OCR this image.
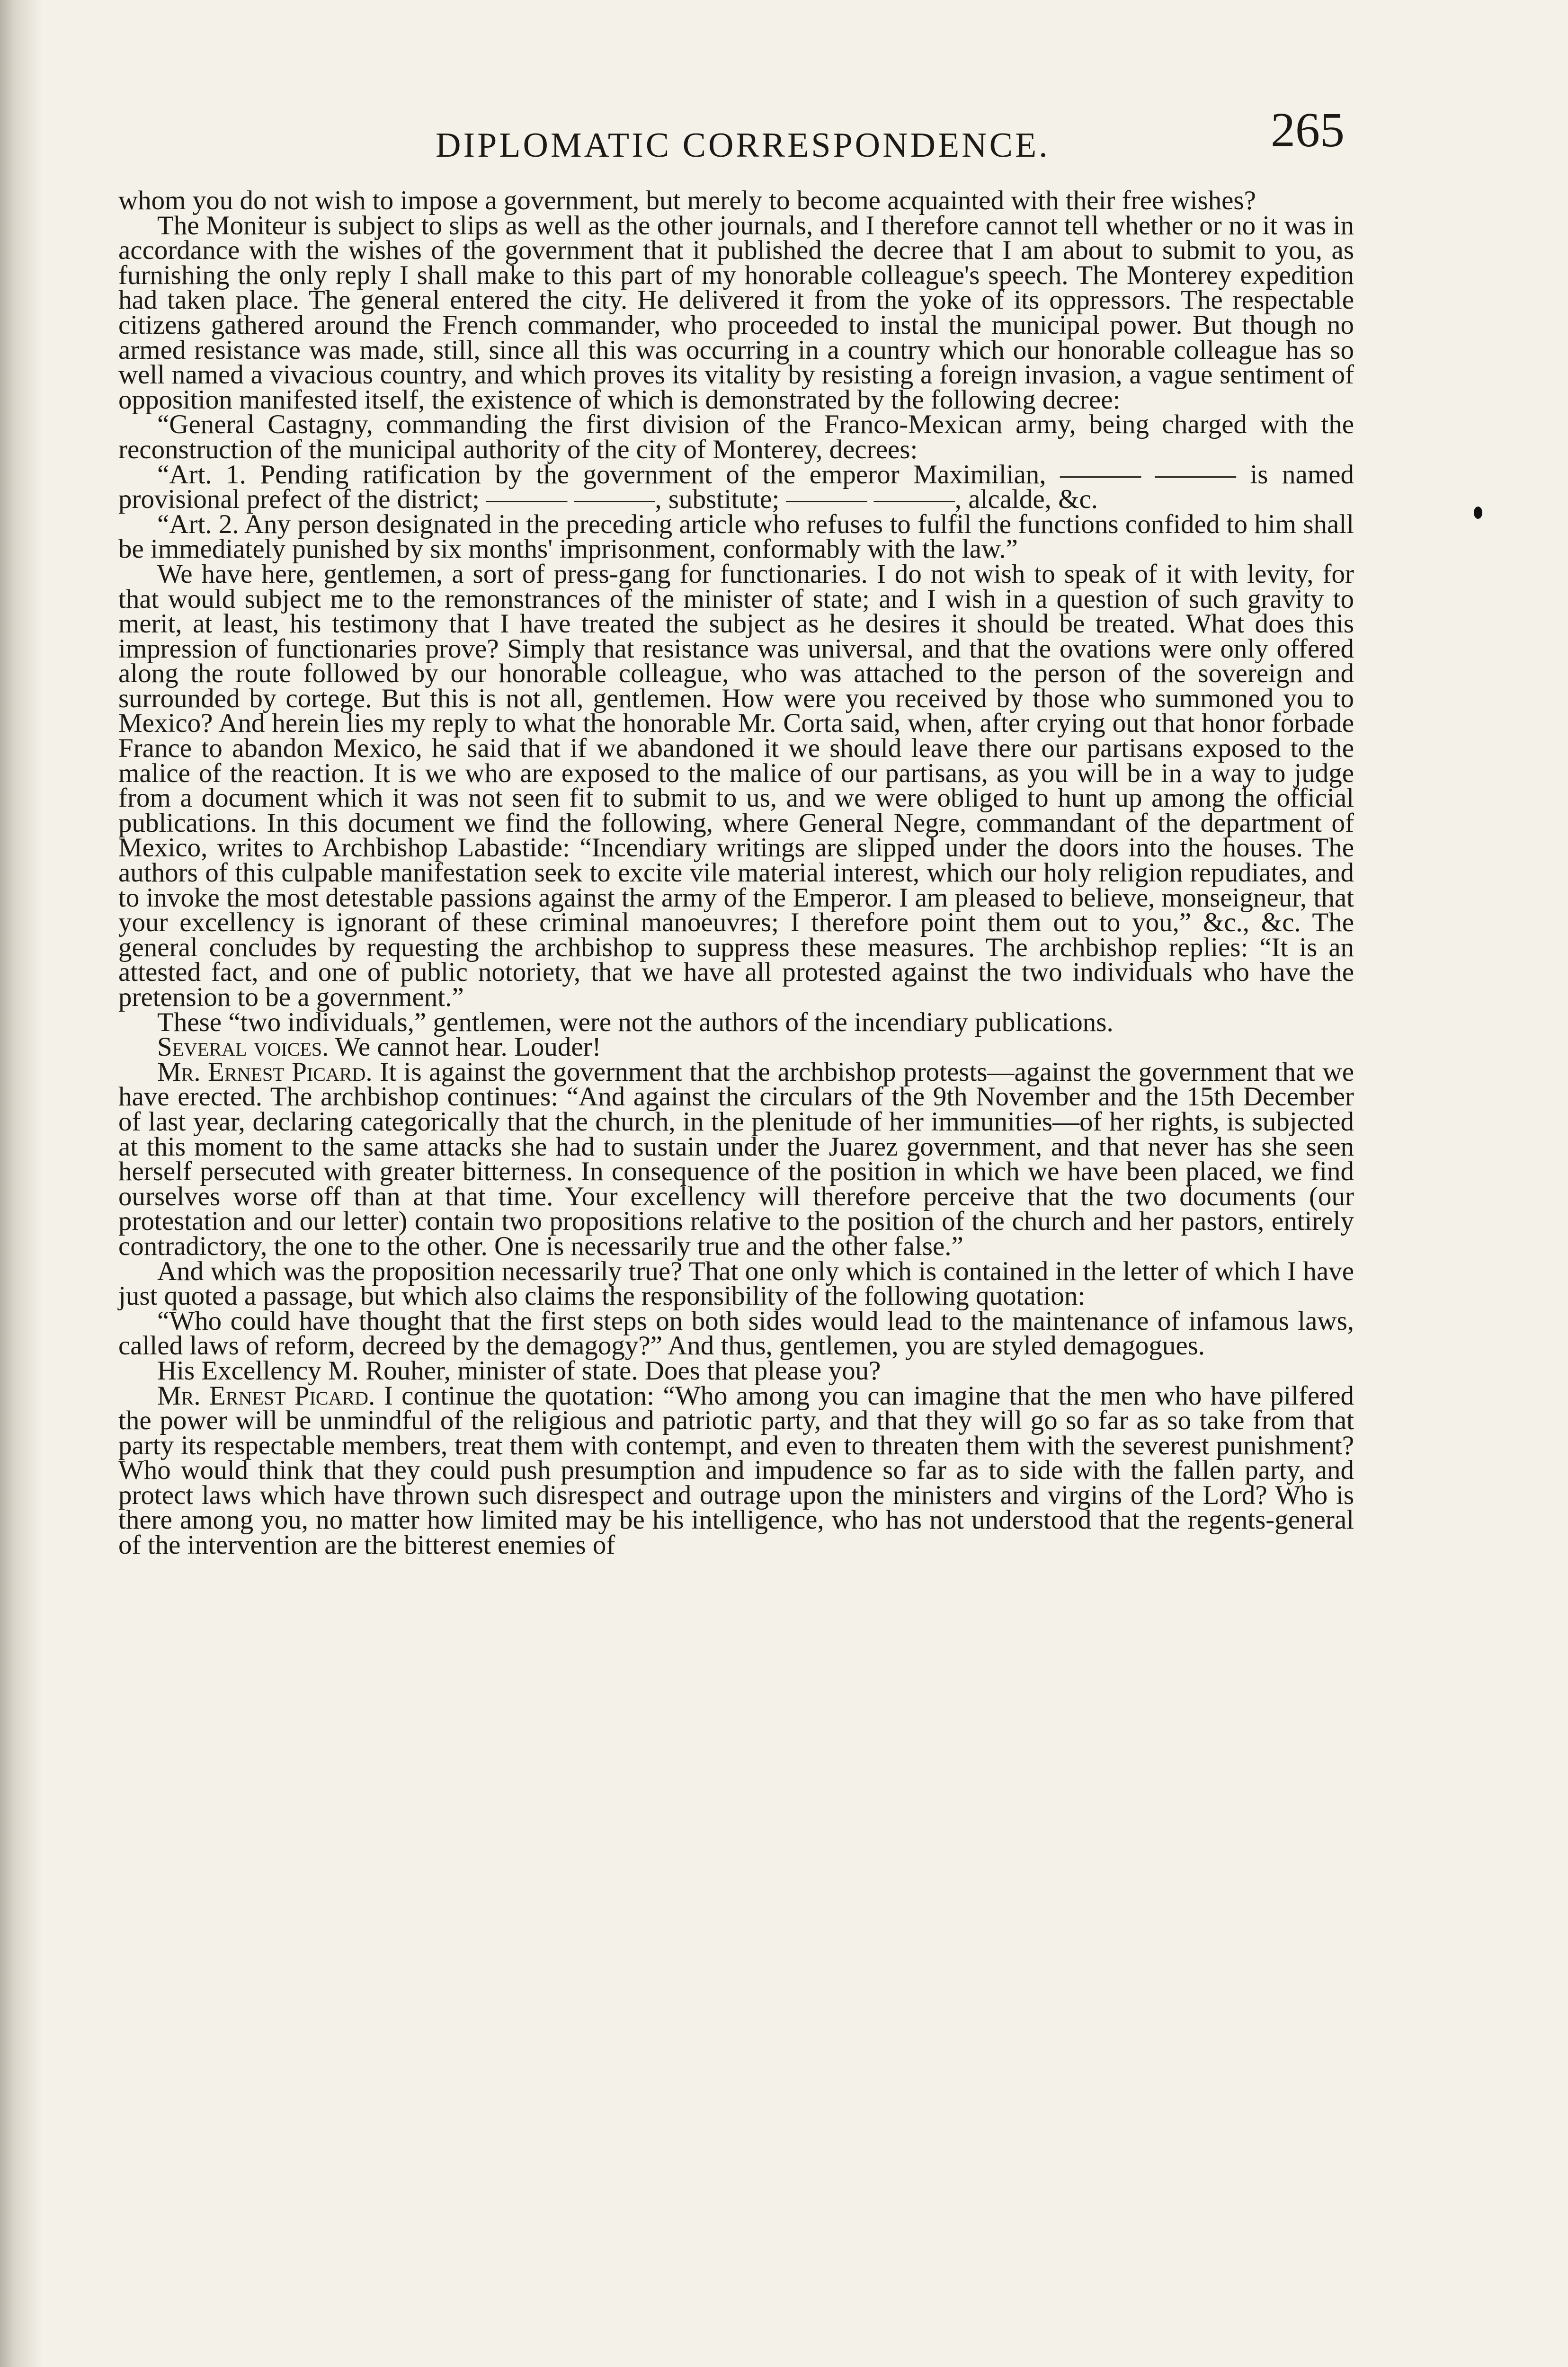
DIPLOMATIC CORRESPONDENCE.	265

whom you do not wish to impose a government, but merely to become acquainted with their free wishes?

The Moniteur is subject to slips as well as the other journals, and I therefore cannot tell whether or no it was in accordance with the wishes of the government that it published the decree that I am about to submit to you, as furnishing the only reply I shall make to this part of my honorable colleague's speech. The Monterey expedition had taken place. The general entered the city. He delivered it from the yoke of its oppressors. The respectable citizens gathered around the French commander, who proceeded to instal the municipal power. But though no armed resistance was made, still, since all this was occurring in a country which our honorable colleague has so well named a vivacious country, and which proves its vitality by resisting a foreign invasion, a vague sentiment of opposition manifested itself, the existence of which is demonstrated by the following decree:

“General Castagny, commanding the first division of the Franco-Mexican army, being charged with the reconstruction of the municipal authority of the city of Monterey, decrees:

“Art. 1. Pending ratification by the government of the emperor Maximilian, ——— ——— is named provisional prefect of the district; ——— ———, substitute; ——— ———, alcalde, &c.

“Art. 2. Any person designated in the preceding article who refuses to fulfil the functions confided to him shall be immediately punished by six months' imprisonment, conformably with the law.”

We have here, gentlemen, a sort of press-gang for functionaries. I do not wish to speak of it with levity, for that would subject me to the remonstrances of the minister of state; and I wish in a question of such gravity to merit, at least, his testimony that I have treated the subject as he desires it should be treated. What does this impression of functionaries prove? Simply that resistance was universal, and that the ovations were only offered along the route followed by our honorable colleague, who was attached to the person of the sovereign and surrounded by cortege. But this is not all, gentlemen. How were you received by those who summoned you to Mexico? And herein lies my reply to what the honorable Mr. Corta said, when, after crying out that honor forbade France to abandon Mexico, he said that if we abandoned it we should leave there our partisans exposed to the malice of the reaction. It is we who are exposed to the malice of our partisans, as you will be in a way to judge from a document which it was not seen fit to submit to us, and we were obliged to hunt up among the official publications. In this document we find the following, where General Negre, commandant of the department of Mexico, writes to Archbishop Labastide: “Incendiary writings are slipped under the doors into the houses. The authors of this culpable manifestation seek to excite vile material interest, which our holy religion repudiates, and to invoke the most detestable passions against the army of the Emperor. I am pleased to believe, monseigneur, that your excellency is ignorant of these criminal manoeuvres; I therefore point them out to you,” &c., &c. The general concludes by requesting the archbishop to suppress these measures. The archbishop replies: “It is an attested fact, and one of public notoriety, that we have all protested against the two individuals who have the pretension to be a government.”

These “two individuals,” gentlemen, were not the authors of the incendiary publications.

Several voices. We cannot hear. Louder!

Mr. Ernest Picard. It is against the government that the archbishop protests—against the government that we have erected. The archbishop continues: “And against the circulars of the 9th November and the 15th December of last year, declaring categorically that the church, in the plenitude of her immunities—of her rights, is subjected at this moment to the same attacks she had to sustain under the Juarez government, and that never has she seen herself persecuted with greater bitterness. In consequence of the position in which we have been placed, we find ourselves worse off than at that time. Your excellency will therefore perceive that the two documents (our protestation and our letter) contain two propositions relative to the position of the church and her pastors, entirely contradictory, the one to the other. One is necessarily true and the other false.”

And which was the proposition necessarily true? That one only which is contained in the letter of which I have just quoted a passage, but which also claims the responsibility of the following quotation:

“Who could have thought that the first steps on both sides would lead to the maintenance of infamous laws, called laws of reform, decreed by the demagogy?” And thus, gentlemen, you are styled demagogues.

His Excellency M. Rouher, minister of state. Does that please you?

Mr. Ernest Picard. I continue the quotation: “Who among you can imagine that the men who have pilfered the power will be unmindful of the religious and patriotic party, and that they will go so far as so take from that party its respectable members, treat them with contempt, and even to threaten them with the severest punishment? Who would think that they could push presumption and impudence so far as to side with the fallen party, and protect laws which have thrown such disrespect and outrage upon the ministers and virgins of the Lord? Who is there among you, no matter how limited may be his intelligence, who has not understood that the regents-general of the intervention are the bitterest enemies of
